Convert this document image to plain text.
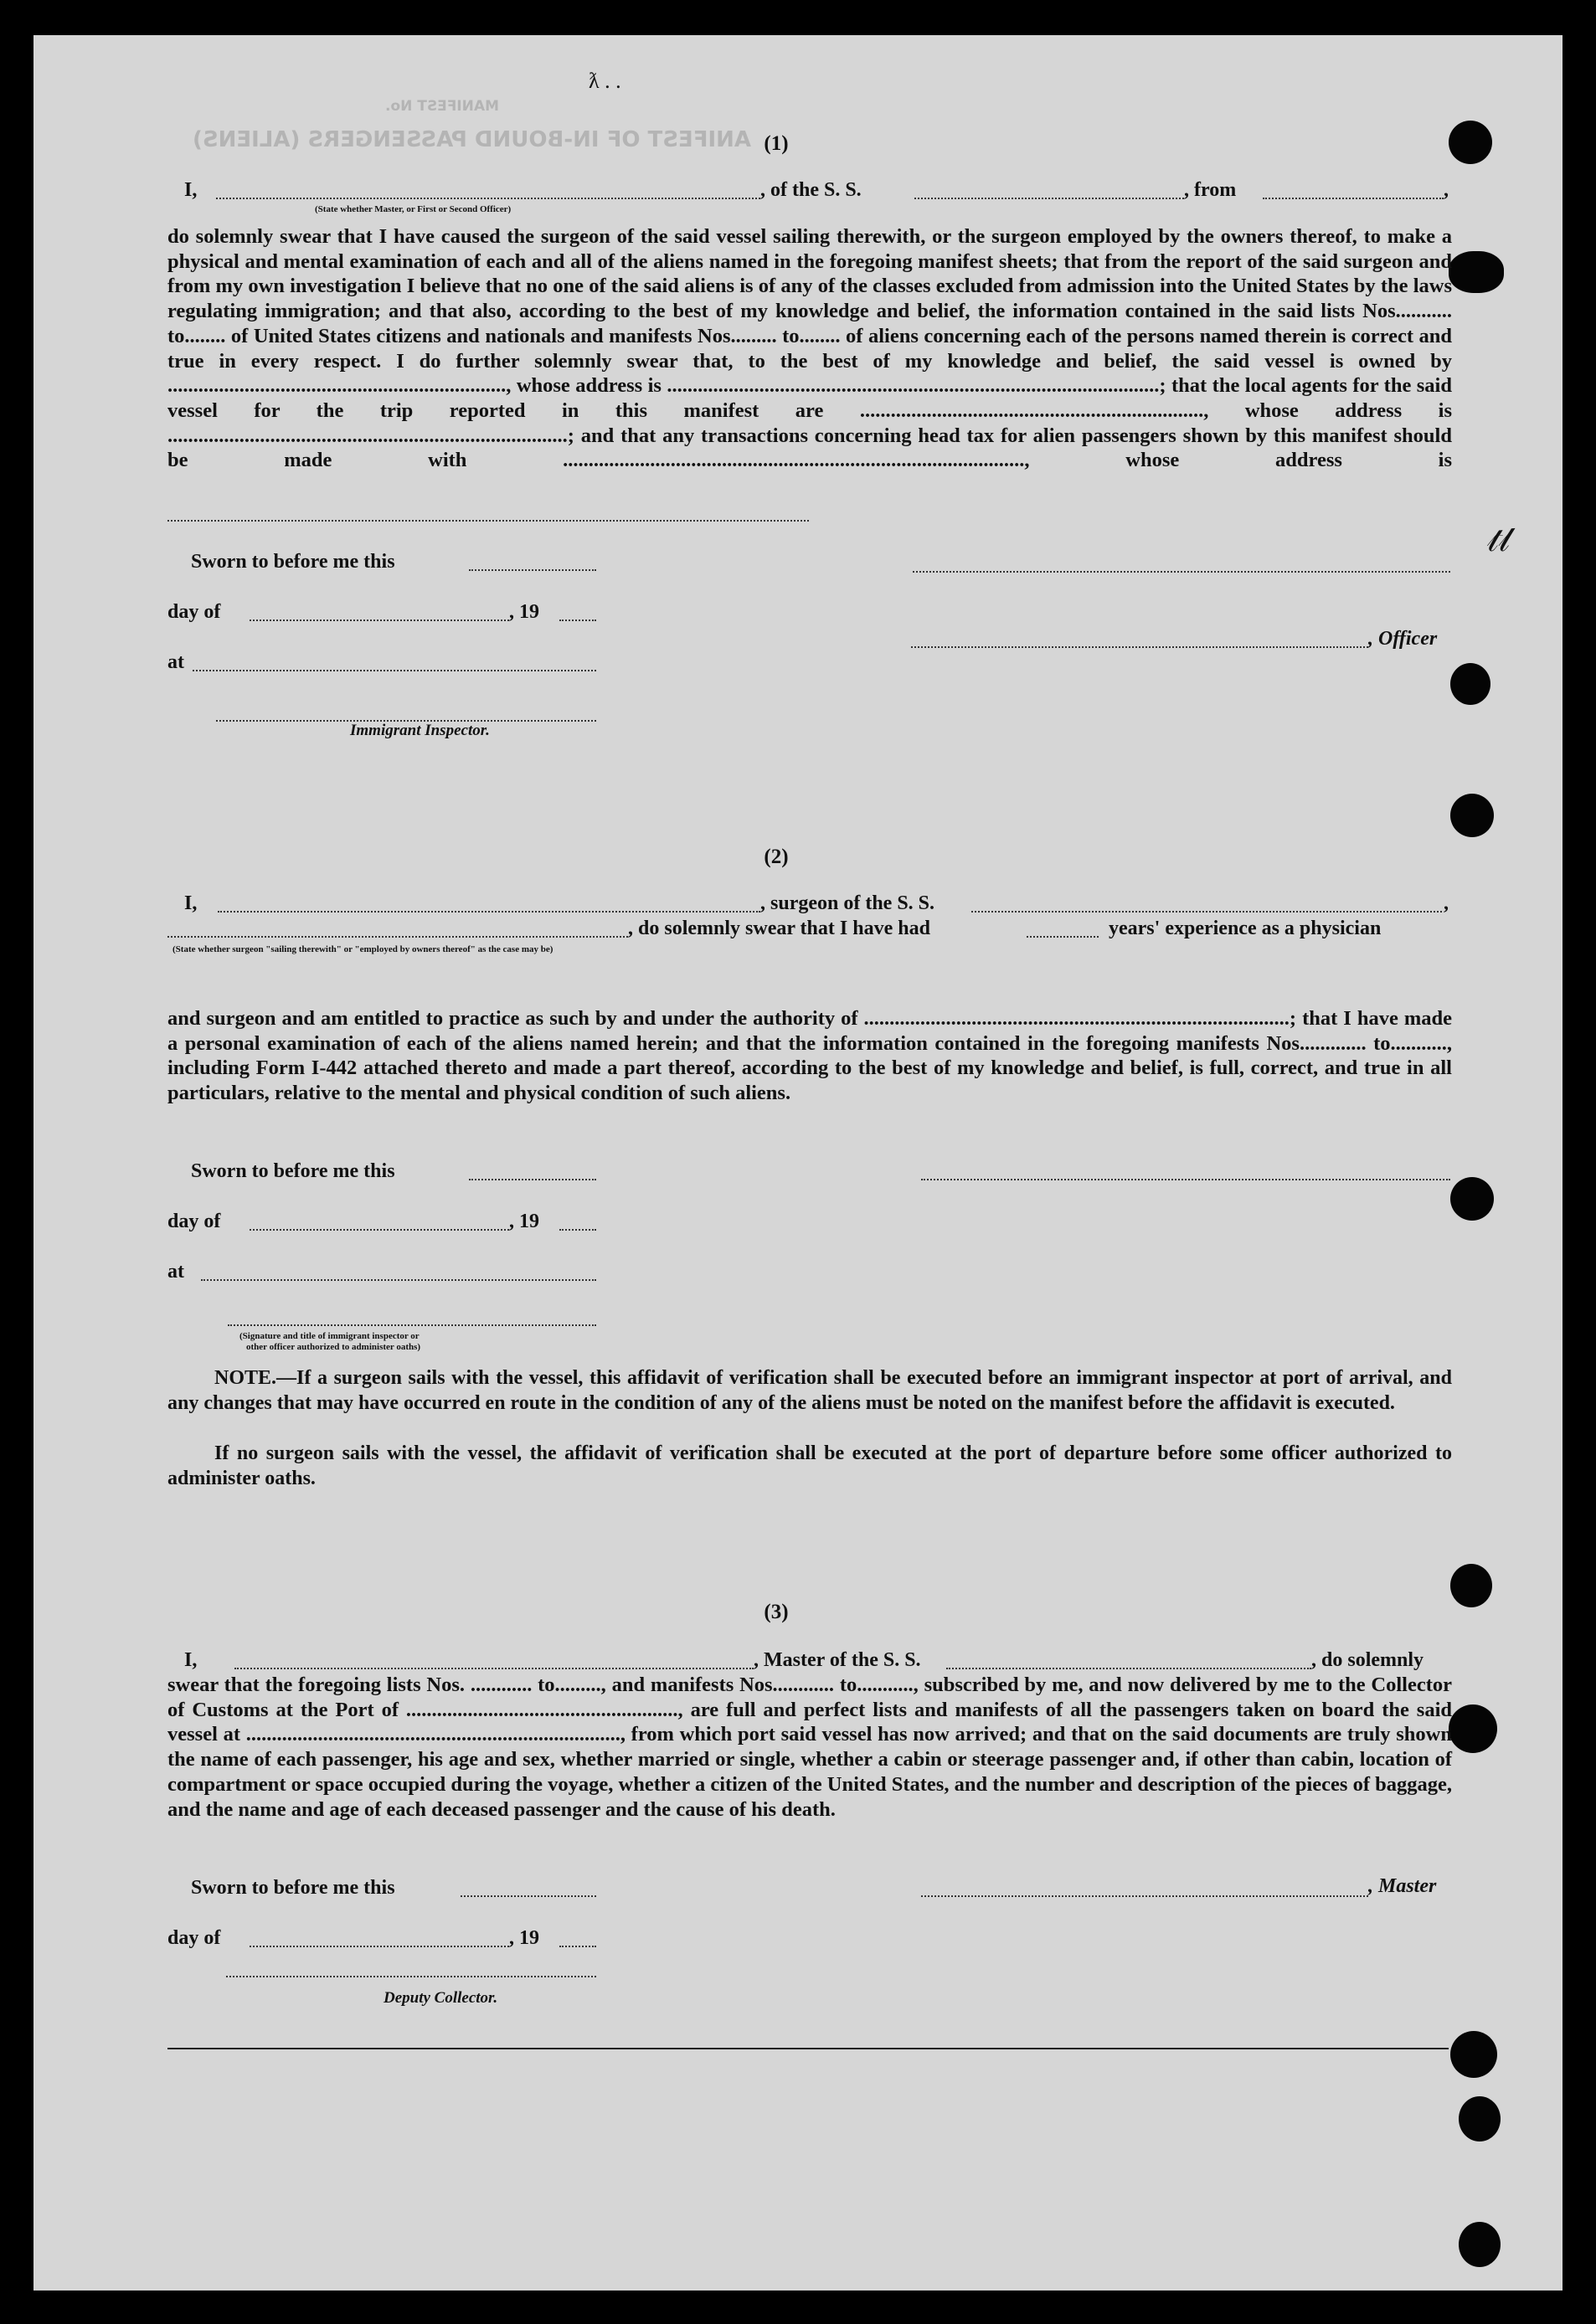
ANIFEST OF IN-BOUND PASSENGERS (ALIENS)
MANIFEST No.
ƛ . .
𝓉𝓁
(1)
I,	, of the S. S.	, from	,
(State whether Master, or First or Second Officer)
do solemnly swear that I have caused the surgeon of the said vessel sailing therewith, or the surgeon employed by the owners thereof, to make a physical and mental examination of each and all of the aliens named in the foregoing manifest sheets; that from the report of the said surgeon and from my own investigation I believe that no one of the said aliens is of any of the classes excluded from admission into the United States by the laws regulating immigration; and that also, according to the best of my knowledge and belief, the information contained in the said lists Nos........... to........ of United States citizens and nationals and manifests Nos......... to........ of aliens concerning each of the persons named therein is correct and true in every respect. I do further solemnly swear that, to the best of my knowledge and belief, the said vessel is owned by .................................................................., whose address is ................................................................................................; that the local agents for the said vessel for the trip reported in this manifest are ..................................................................., whose address is ..............................................................................; and that any transactions concerning head tax for alien passengers shown by this manifest should be made with .........................................................................................., whose address is
Sworn to before me this
day of	, 19
, Officer
at
Immigrant Inspector.
(2)
I,	, surgeon of the S. S.	,
, do solemnly swear that I have had	years' experience as a physician
(State whether surgeon "sailing therewith" or "employed by owners thereof" as the case may be)
and surgeon and am entitled to practice as such by and under the authority of ...................................................................................; that I have made a personal examination of each of the aliens named herein; and that the information contained in the foregoing manifests Nos............. to..........., including Form I-442 attached thereto and made a part thereof, according to the best of my knowledge and belief, is full, correct, and true in all particulars, relative to the mental and physical condition of such aliens.
Sworn to before me this
day of	, 19
at
(Signature and title of immigrant inspector or
other officer authorized to administer oaths)
NOTE.—If a surgeon sails with the vessel, this affidavit of verification shall be executed before an immigrant inspector at port of arrival, and any changes that may have occurred en route in the condition of any of the aliens must be noted on the manifest before the affidavit is executed.
If no surgeon sails with the vessel, the affidavit of verification shall be executed at the port of departure before some officer authorized to administer oaths.
(3)
I,	, Master of the S. S.	, do solemnly
swear that the foregoing lists Nos. ............ to........., and manifests Nos............ to..........., subscribed by me, and now delivered by me to the Collector of Customs at the Port of ....................................................., are full and perfect lists and manifests of all the passengers taken on board the said vessel at ........................................................................., from which port said vessel has now arrived; and that on the said documents are truly shown the name of each passenger, his age and sex, whether married or single, whether a cabin or steerage passenger and, if other than cabin, location of compartment or space occupied during the voyage, whether a citizen of the United States, and the number and description of the pieces of baggage, and the name and age of each deceased passenger and the cause of his death.
Sworn to before me this	, Master
day of	, 19
Deputy Collector.
